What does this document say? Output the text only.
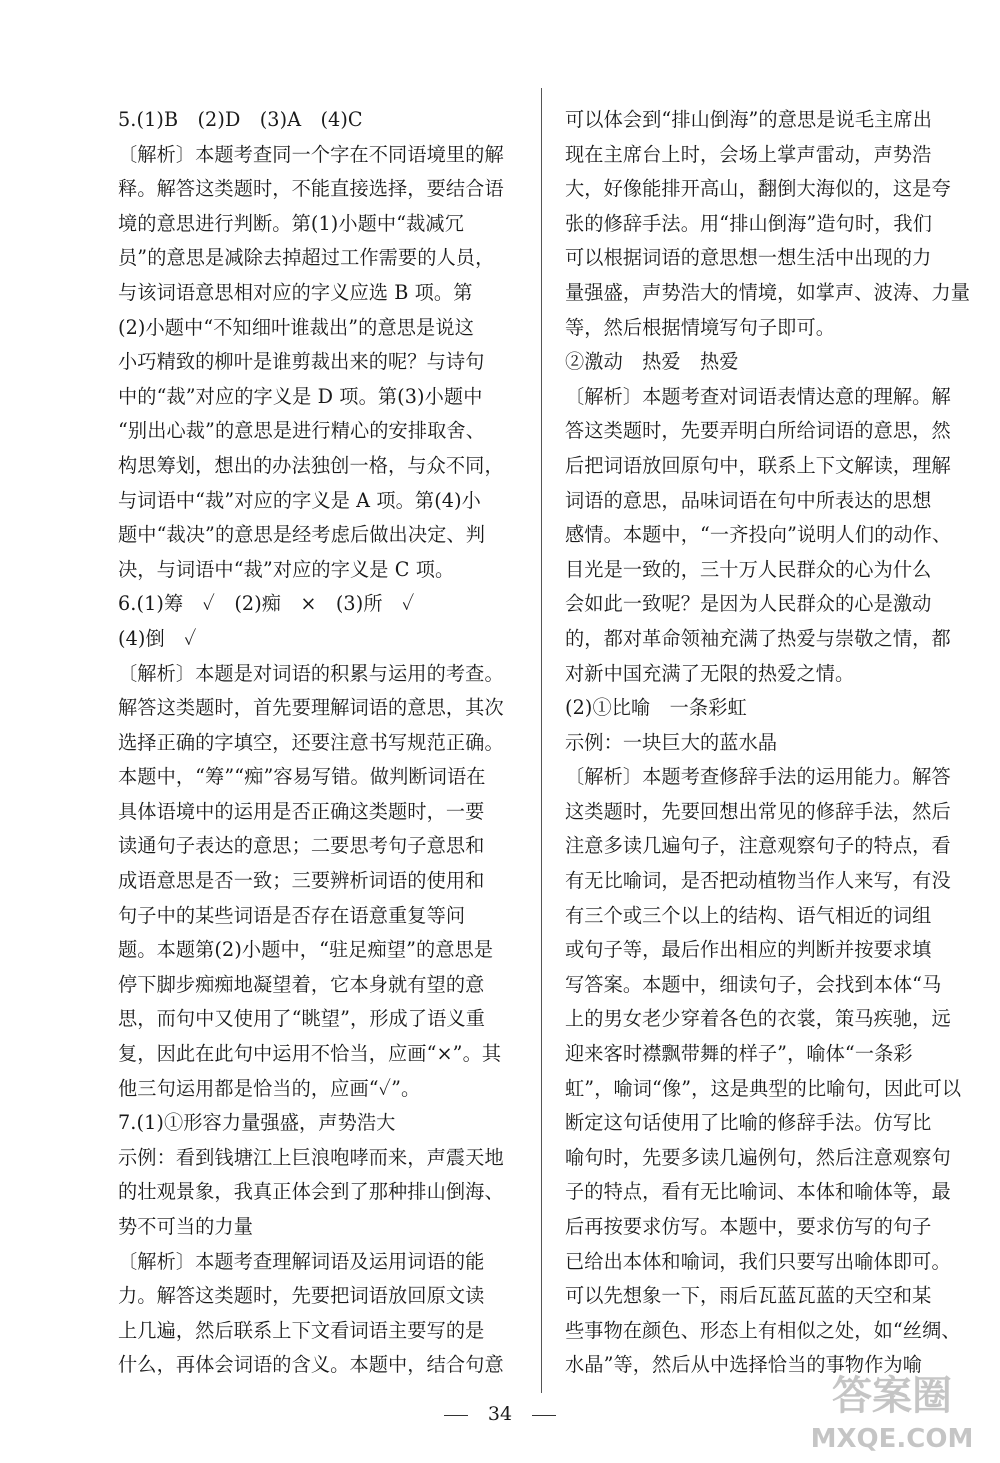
5.(1)B　(2)D　(3)A　(4)C
〔解析〕本题考查同一个字在不同语境里的解
释。解答这类题时，不能直接选择，要结合语
境的意思进行判断。第(1)小题中“裁减冗
员”的意思是减除去掉超过工作需要的人员，
与该词语意思相对应的字义应选 B 项。第
(2)小题中“不知细叶谁裁出”的意思是说这
小巧精致的柳叶是谁剪裁出来的呢？与诗句
中的“裁”对应的字义是 D 项。第(3)小题中
“别出心裁”的意思是进行精心的安排取舍、
构思筹划，想出的办法独创一格，与众不同，
与词语中“裁”对应的字义是 A 项。第(4)小
题中“裁决”的意思是经考虑后做出决定、判
决，与词语中“裁”对应的字义是 C 项。
6.(1)筹　✓　(2)痴　×　(3)所　✓
(4)倒　✓
〔解析〕本题是对词语的积累与运用的考查。
解答这类题时，首先要理解词语的意思，其次
选择正确的字填空，还要注意书写规范正确。
本题中，“筹”“痴”容易写错。做判断词语在
具体语境中的运用是否正确这类题时，一要
读通句子表达的意思；二要思考句子意思和
成语意思是否一致；三要辨析词语的使用和
句子中的某些词语是否存在语意重复等问
题。本题第(2)小题中，“驻足痴望”的意思是
停下脚步痴痴地凝望着，它本身就有望的意
思，而句中又使用了“眺望”，形成了语义重
复，因此在此句中运用不恰当，应画“×”。其
他三句运用都是恰当的，应画“✓”。
7.(1)①形容力量强盛，声势浩大
示例：看到钱塘江上巨浪咆哮而来，声震天地
的壮观景象，我真正体会到了那种排山倒海、
势不可当的力量
〔解析〕本题考查理解词语及运用词语的能
力。解答这类题时，先要把词语放回原文读
上几遍，然后联系上下文看词语主要写的是
什么，再体会词语的含义。本题中，结合句意
可以体会到“排山倒海”的意思是说毛主席出
现在主席台上时，会场上掌声雷动，声势浩
大，好像能排开高山，翻倒大海似的，这是夸
张的修辞手法。用“排山倒海”造句时，我们
可以根据词语的意思想一想生活中出现的力
量强盛，声势浩大的情境，如掌声、波涛、力量
等，然后根据情境写句子即可。
②激动　热爱　热爱
〔解析〕本题考查对词语表情达意的理解。解
答这类题时，先要弄明白所给词语的意思，然
后把词语放回原句中，联系上下文解读，理解
词语的意思，品味词语在句中所表达的思想
感情。本题中，“一齐投向”说明人们的动作、
目光是一致的，三十万人民群众的心为什么
会如此一致呢？是因为人民群众的心是激动
的，都对革命领袖充满了热爱与崇敬之情，都
对新中国充满了无限的热爱之情。
(2)①比喻　一条彩虹
示例：一块巨大的蓝水晶
〔解析〕本题考查修辞手法的运用能力。解答
这类题时，先要回想出常见的修辞手法，然后
注意多读几遍句子，注意观察句子的特点，看
有无比喻词，是否把动植物当作人来写，有没
有三个或三个以上的结构、语气相近的词组
或句子等，最后作出相应的判断并按要求填
写答案。本题中，细读句子，会找到本体“马
上的男女老少穿着各色的衣裳，策马疾驰，远
迎来客时襟飘带舞的样子”，喻体“一条彩
虹”，喻词“像”，这是典型的比喻句，因此可以
断定这句话使用了比喻的修辞手法。仿写比
喻句时，先要多读几遍例句，然后注意观察句
子的特点，看有无比喻词、本体和喻体等，最
后再按要求仿写。本题中，要求仿写的句子
已给出本体和喻词，我们只要写出喻体即可。
可以先想象一下，雨后瓦蓝瓦蓝的天空和某
些事物在颜色、形态上有相似之处，如“丝绸、
水晶”等，然后从中选择恰当的事物作为喻
34	答案圈
MXQE.COM
